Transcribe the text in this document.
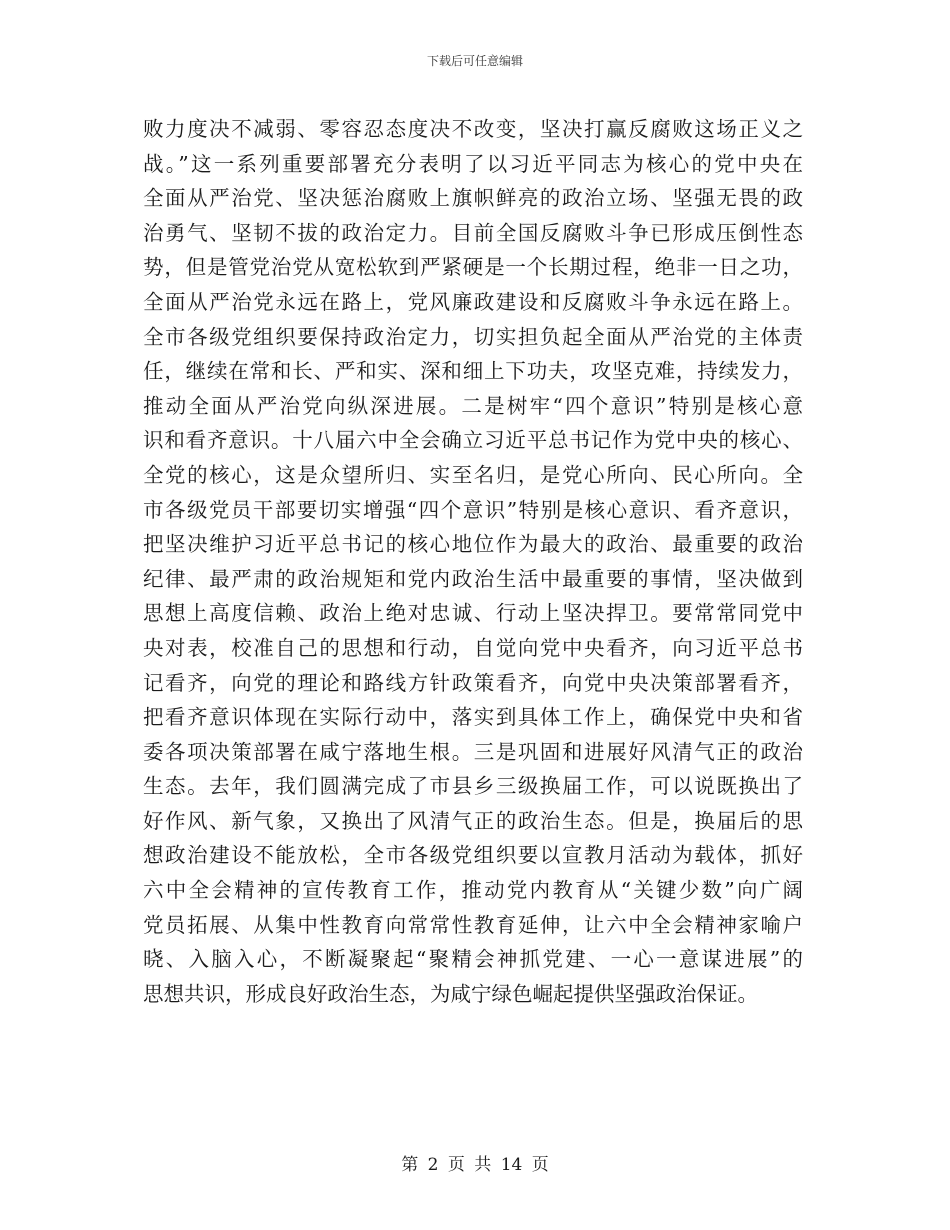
下载后可任意编辑
败力度决不减弱、零容忍态度决不改变，坚决打赢反腐败这场正义之
战。”这一系列重要部署充分表明了以习近平同志为核心的党中央在
全面从严治党、坚决惩治腐败上旗帜鲜亮的政治立场、坚强无畏的政
治勇气、坚韧不拔的政治定力。目前全国反腐败斗争已形成压倒性态
势，但是管党治党从宽松软到严紧硬是一个长期过程，绝非一日之功，
全面从严治党永远在路上，党风廉政建设和反腐败斗争永远在路上。
全市各级党组织要保持政治定力，切实担负起全面从严治党的主体责
任，继续在常和长、严和实、深和细上下功夫，攻坚克难，持续发力，
推动全面从严治党向纵深进展。二是树牢“四个意识”特别是核心意
识和看齐意识。十八届六中全会确立习近平总书记作为党中央的核心、
全党的核心，这是众望所归、实至名归，是党心所向、民心所向。全
市各级党员干部要切实增强“四个意识”特别是核心意识、看齐意识，
把坚决维护习近平总书记的核心地位作为最大的政治、最重要的政治
纪律、最严肃的政治规矩和党内政治生活中最重要的事情，坚决做到
思想上高度信赖、政治上绝对忠诚、行动上坚决捍卫。要常常同党中
央对表，校准自己的思想和行动，自觉向党中央看齐，向习近平总书
记看齐，向党的理论和路线方针政策看齐，向党中央决策部署看齐，
把看齐意识体现在实际行动中，落实到具体工作上，确保党中央和省
委各项决策部署在咸宁落地生根。三是巩固和进展好风清气正的政治
生态。去年，我们圆满完成了市县乡三级换届工作，可以说既换出了
好作风、新气象，又换出了风清气正的政治生态。但是，换届后的思
想政治建设不能放松，全市各级党组织要以宣教月活动为载体，抓好
六中全会精神的宣传教育工作，推动党内教育从“关键少数”向广阔
党员拓展、从集中性教育向常常性教育延伸，让六中全会精神家喻户
晓、入脑入心，不断凝聚起“聚精会神抓党建、一心一意谋进展”的
思想共识，形成良好政治生态，为咸宁绿色崛起提供坚强政治保证。
第 2 页 共 14 页
